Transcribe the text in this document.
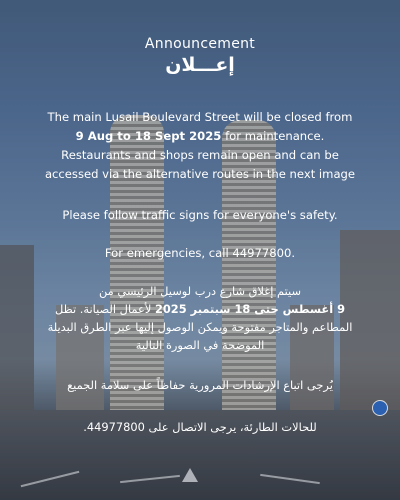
Announcement
إعـــلان
The main Lusail Boulevard Street will be closed from
9 Aug to 18 Sept 2025 for maintenance.
Restaurants and shops remain open and can be accessed via the alternative routes in the next image
Please follow traffic signs for everyone's safety.
For emergencies, call 44977800.
سيتم إغلاق شارع درب لوسيل الرئيسي من
9 أغسطس حتى 18 سبتمبر 2025 لأعمال الصيانة. تظل المطاعم والمتاجر مفتوحة ويمكن الوصول إليها عبر الطرق البديلة الموضحة في الصورة التالية
يُرجى اتباع الإرشادات المرورية حفاظاً على سلامة الجميع
للحالات الطارئة، يرجى الاتصال على 44977800.
